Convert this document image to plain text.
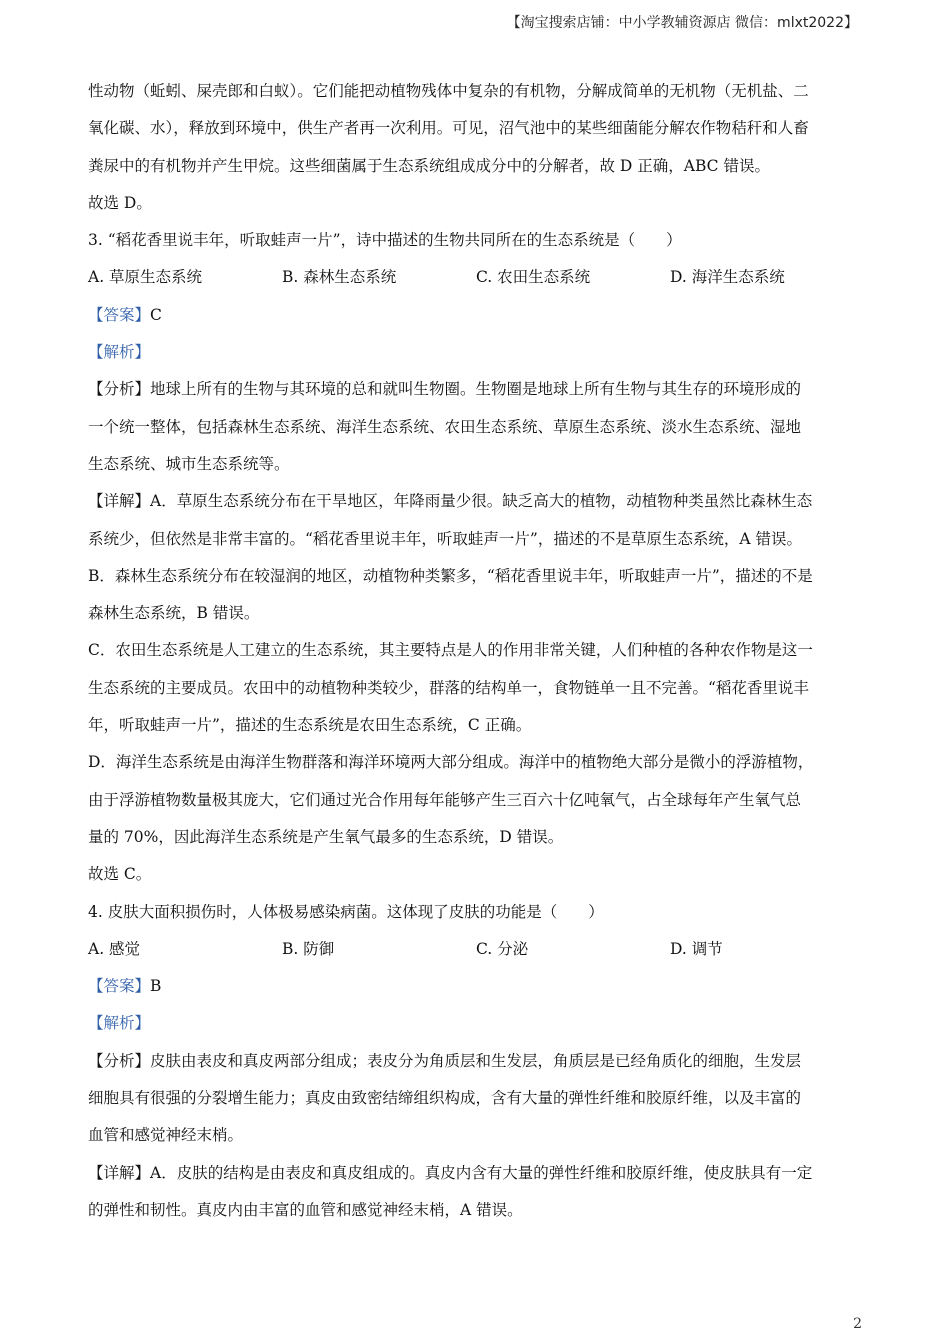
【淘宝搜索店铺：中小学教辅资源店 微信：mlxt2022】
性动物（蚯蚓、屎壳郎和白蚁）。它们能把动植物残体中复杂的有机物，分解成简单的无机物（无机盐、二
氧化碳、水），释放到环境中，供生产者再一次利用。可见，沼气池中的某些细菌能分解农作物秸秆和人畜
粪尿中的有机物并产生甲烷。这些细菌属于生态系统组成成分中的分解者，故 D 正确，ABC 错误。
故选 D。
3. “稻花香里说丰年，听取蛙声一片”，诗中描述的生物共同所在的生态系统是（　　）
A. 草原生态系统	B. 森林生态系统	C. 农田生态系统	D. 海洋生态系统
【答案】C
【解析】
【分析】地球上所有的生物与其环境的总和就叫生物圈。生物圈是地球上所有生物与其生存的环境形成的
一个统一整体，包括森林生态系统、海洋生态系统、农田生态系统、草原生态系统、淡水生态系统、湿地
生态系统、城市生态系统等。
【详解】A．草原生态系统分布在干旱地区，年降雨量少很。缺乏高大的植物，动植物种类虽然比森林生态
系统少，但依然是非常丰富的。“稻花香里说丰年，听取蛙声一片”，描述的不是草原生态系统，A 错误。
B．森林生态系统分布在较湿润的地区，动植物种类繁多，“稻花香里说丰年，听取蛙声一片”，描述的不是
森林生态系统，B 错误。
C．农田生态系统是人工建立的生态系统，其主要特点是人的作用非常关键，人们种植的各种农作物是这一
生态系统的主要成员。农田中的动植物种类较少，群落的结构单一，食物链单一且不完善。“稻花香里说丰
年，听取蛙声一片”，描述的生态系统是农田生态系统，C 正确。
D．海洋生态系统是由海洋生物群落和海洋环境两大部分组成。海洋中的植物绝大部分是微小的浮游植物，
由于浮游植物数量极其庞大，它们通过光合作用每年能够产生三百六十亿吨氧气，占全球每年产生氧气总
量的 70%，因此海洋生态系统是产生氧气最多的生态系统，D 错误。
故选 C。
4. 皮肤大面积损伤时，人体极易感染病菌。这体现了皮肤的功能是（　　）
A. 感觉	B. 防御	C. 分泌	D. 调节
【答案】B
【解析】
【分析】皮肤由表皮和真皮两部分组成；表皮分为角质层和生发层，角质层是已经角质化的细胞，生发层
细胞具有很强的分裂增生能力；真皮由致密结缔组织构成，含有大量的弹性纤维和胶原纤维，以及丰富的
血管和感觉神经末梢。
【详解】A．皮肤的结构是由表皮和真皮组成的。真皮内含有大量的弹性纤维和胶原纤维，使皮肤具有一定
的弹性和韧性。真皮内由丰富的血管和感觉神经末梢，A 错误。
2
